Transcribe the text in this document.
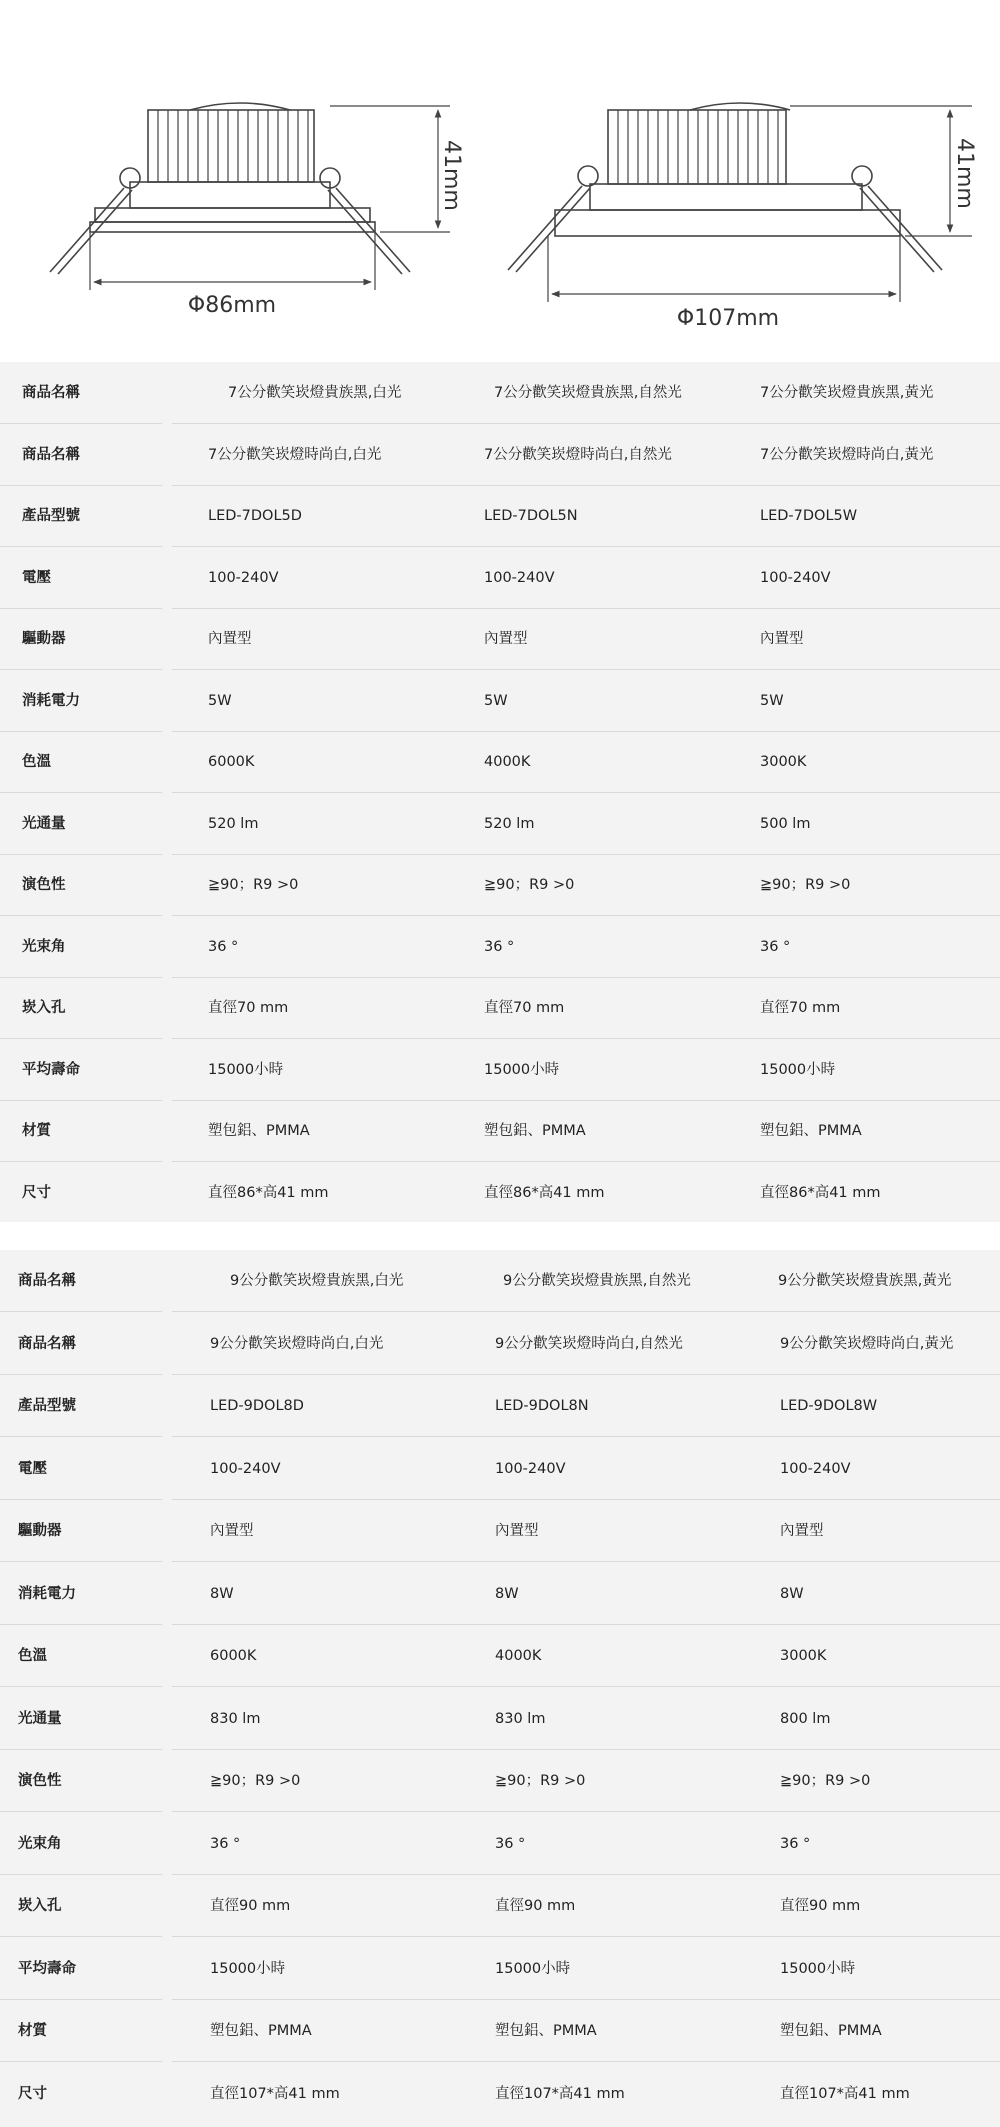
Φ86mm
41mm
Φ107mm
41mm
商品名稱	7公分歡笑崁燈貴族黑,白光	7公分歡笑崁燈貴族黑,自然光	7公分歡笑崁燈貴族黑,黃光
商品名稱	7公分歡笑崁燈時尚白,白光	7公分歡笑崁燈時尚白,自然光	7公分歡笑崁燈時尚白,黃光
產品型號	LED-7DOL5D	LED-7DOL5N	LED-7DOL5W
電壓	100-240V	100-240V	100-240V
驅動器	內置型	內置型	內置型
消耗電力	5W	5W	5W
色溫	6000K	4000K	3000K
光通量	520 lm	520 lm	500 lm
演色性	≧90；R9 >0	≧90；R9 >0	≧90；R9 >0
光束角	36 °	36 °	36 °
崁入孔	直徑70 mm	直徑70 mm	直徑70 mm
平均壽命	15000小時	15000小時	15000小時
材質	塑包鋁、PMMA	塑包鋁、PMMA	塑包鋁、PMMA
尺寸	直徑86*高41 mm	直徑86*高41 mm	直徑86*高41 mm
商品名稱	9公分歡笑崁燈貴族黑,白光	9公分歡笑崁燈貴族黑,自然光	9公分歡笑崁燈貴族黑,黃光
商品名稱	9公分歡笑崁燈時尚白,白光	9公分歡笑崁燈時尚白,自然光	9公分歡笑崁燈時尚白,黃光
產品型號	LED-9DOL8D	LED-9DOL8N	LED-9DOL8W
電壓	100-240V	100-240V	100-240V
驅動器	內置型	內置型	內置型
消耗電力	8W	8W	8W
色溫	6000K	4000K	3000K
光通量	830 lm	830 lm	800 lm
演色性	≧90；R9 >0	≧90；R9 >0	≧90；R9 >0
光束角	36 °	36 °	36 °
崁入孔	直徑90 mm	直徑90 mm	直徑90 mm
平均壽命	15000小時	15000小時	15000小時
材質	塑包鋁、PMMA	塑包鋁、PMMA	塑包鋁、PMMA
尺寸	直徑107*高41 mm	直徑107*高41 mm	直徑107*高41 mm
